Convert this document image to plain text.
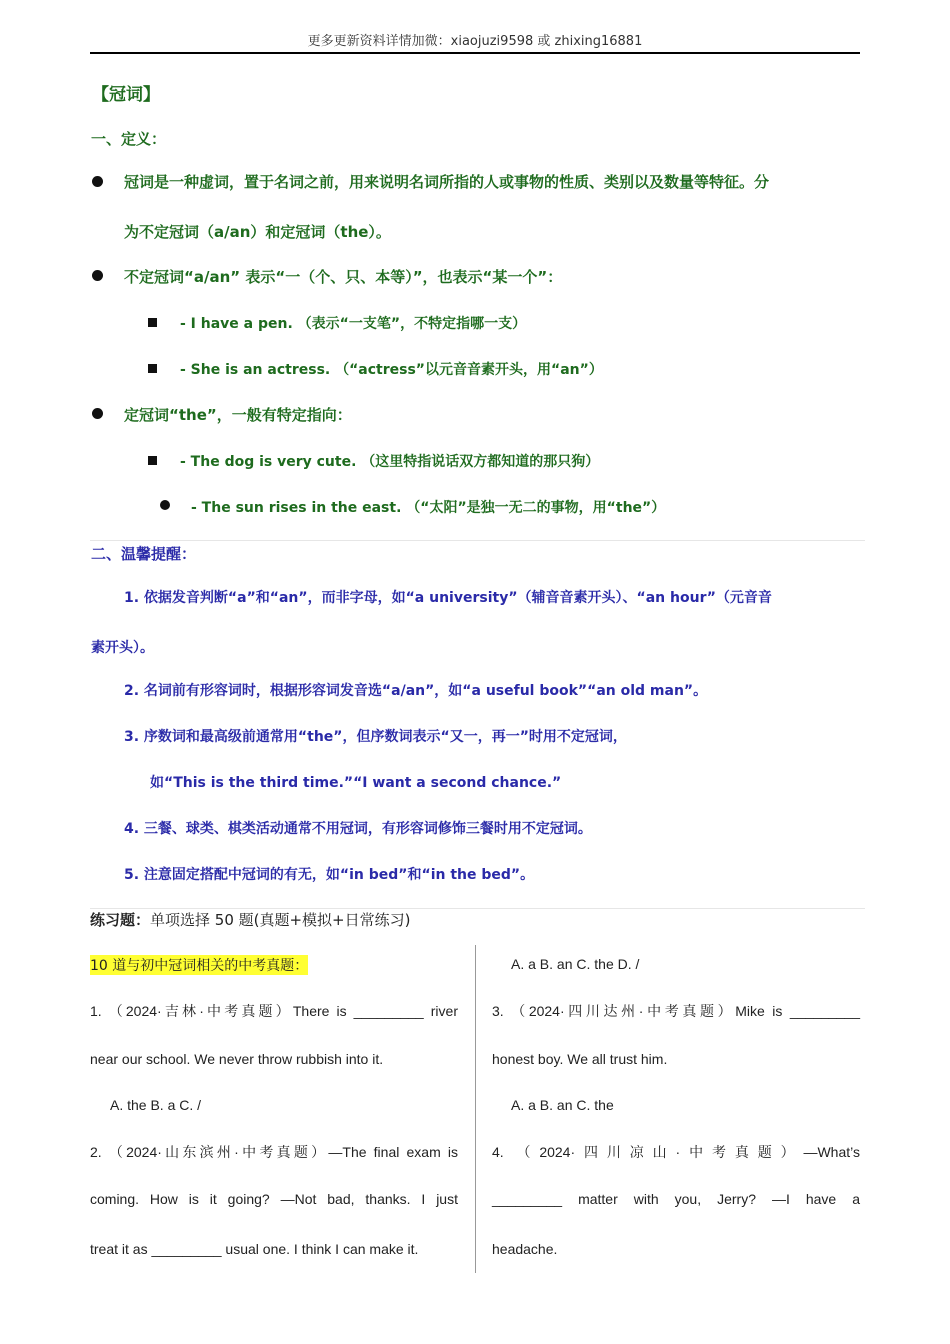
更多更新资料详情加微：xiaojuzi9598 或 zhixing16881
【冠词】
一、定义：
冠词是一种虚词，置于名词之前，用来说明名词所指的人或事物的性质、类别以及数量等特征。分
为不定冠词（a/an）和定冠词（the）。
不定冠词“a/an” 表示“一（个、只、本等）”，也表示“某一个”：
- I have a pen. （表示“一支笔”，不特定指哪一支）
- She is an actress. （“actress”以元音音素开头，用“an”）
定冠词“the”，一般有特定指向：
- The dog is very cute. （这里特指说话双方都知道的那只狗）
- The sun rises in the east. （“太阳”是独一无二的事物，用“the”）
二、温馨提醒：
1. 依据发音判断“a”和“an”，而非字母，如“a university”（辅音音素开头）、“an hour”（元音音
素开头）。
2. 名词前有形容词时，根据形容词发音选“a/an”，如“a useful book”“an old man”。
3. 序数词和最高级前通常用“the”，但序数词表示“又一，再一”时用不定冠词，
如“This is the third time.”“I want a second chance.”
4. 三餐、球类、棋类活动通常不用冠词，有形容词修饰三餐时用不定冠词。
5. 注意固定搭配中冠词的有无，如“in bed”和“in the bed”。
练习题：单项选择 50 题(真题+模拟+日常练习)
10 道与初中冠词相关的中考真题：
1. （2024·吉林·中考真题）There is _________ river
near our school. We never throw rubbish into it.
A. the B. a C. /
2. （2024·山东滨州·中考真题）—The final exam is
coming. How is it going? —Not bad, thanks. I just
treat it as _________ usual one. I think I can make it.
A. a B. an C. the D. /
3. （2024·四川达州·中考真题）Mike is _________
honest boy. We all trust him.
A. a B. an C. the
4. （2024·四川凉山·中考真题）—What’s
_________ matter with you, Jerry? —I have a
headache.
